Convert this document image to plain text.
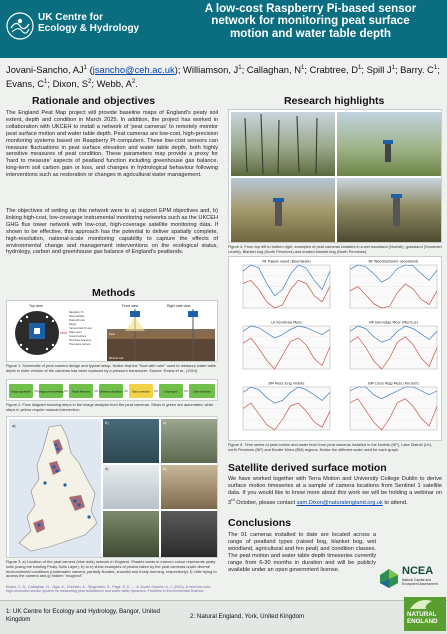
UK Centre for
Ecology & Hydrology
A low-cost Raspberry Pi-based sensor
network for monitoring peat surface
motion and water table depth
Jovani-Sancho, $AJ^1$ (jsancho@ceh.ac.uk); Williamson, $J^1$; Callaghan, $N^1$; Crabtree, $D^1$; Spill $J^1$; Barry. $C^1$;
Evans, $C^1$; Dixon, $S^2$; Webb, $A^2$.
Rationale and objectives
The England Peat Map project will provide baseline maps of England's peaty soil extent, depth and condition in March 2025. In addition, the project has worked in collaboration with UKCEH to install a network of 'peat cameras' to remotely monitor peat surface motion and water table depth. Peat cameras are low-cost, high-precision monitoring systems based on Raspberry Pi computers. These low-cost sensors can measure fluctuations in peat surface elevation and water table depth, both highly sensitive measures of peat condition. These parameters may provide a proxy for 'hard to measure' aspects of peatland function including greenhouse gas balance, long-term soil carbon gain or loss, and changes in hydrological behaviour following interventions such as restoration or changes in agricultural water management.
The objectives of setting up this network were to a) support EPM objectives and, b) linking high-cost, low-coverage instrumental monitoring networks such as the UKCEH GHG flux tower network with low-cost, high-coverage satellite monitoring data. If shown to be effective, this approach has the potential to deliver spatially complete, high-resolution, national-scale monitoring capability to capture the effects of environmental change and management interventions on the ecological status, hydrology, carbon and greenhouse gas balance of England's peatlands.
Methods
Top view
Raspberry Pi
Steel rod/tube
Float with cam
Target
Camera field of view
Water level
Ground surface
Horizontal reference
Time-lapse camera
Front view	Right side view
Peat
Mineral soil
Figure 1. Schematic of peat camera design and typical setup. Notice that the "float with ruler" used to measure water table depth in older version of the cameras has been replaced by a pressure transducer. Source: Evans et al., (2019)
Image acquisition	Image pre-processing	Target detection	Distance calculation	Data correction	Data ingest	Data download
Figure 2. Flow diagram showing steps in the image analysis from the peat cameras. Steps in green are automated, while steps in yellow require manual intervention
a)
b)	c)
d)	e)
Figure 3. a) Location of the peat camera (blue dots) network in England. Shaded areas in maroon colour represents peaty soils (using the existing Peaty Soils Layer). b) to e) show examples of photos taken by the peat cameras under diverse environmental conditions (underwater camera, partially flooded, snowfall and frosty morning, respectively). f) Little trying to access the camera and g) hidden "mugshot".
Evans, C. D., Callaghan, N., Jaya, A., Grinham, A., Sjogersten, S., Page, S. E., ... & Jovani-Sancho, A. J. (2021). A new low-cost, high-resolution sensor system for measuring peat subsidence and water table dynamics. Frontiers in Environmental Science.
Research highlights
Figure 4. From top left to bottom right, examples of peat cameras installed in a wet woodland (Norfolk), grassland (Somerset Levels), Blanket bog (North Pennines) and eroded blanket bog (North Pennines).
NF Pigeon wood (Boardwalk)	NF Woodbastwick (woodland)
LK Foulshaw Moss	NP Glenridge Moor (Moricus)
BM Moss long middle	BM Cross Rigg Moss (Ancient)
Figure 5. Time series of peat motion and water level from peat cameras installed in the Norfolk (NF), Lake District (LK), north Pennines (NP) and Border Mires (BM) regions. Notice the different scale used for each graph.
Satellite derived surface motion
We have worked together with Terra Motion and University College Dublin to derive surface motion timeseries at a sample of camera locations from Sentinel 1 satellite data. If you would like to know more about this work we will be holding a webinar on 3rd October, please contact sam.Dixon@naturalengland.org.uk to attend.
Conclusions
The 91 cameras installed to date are located across a range of peatland types (raised bog, blanket bog, wet woodland, agricultural and fen peat) and condition classes. The peat motion and water table depth timeseries currently range from 6-30 months in duration and will be publicly available under an open government license.
1: UK Centre for Ecology and Hydrology, Bangor, United Kingdom	2: Natural England, York, United Kingdom
NCEA
Natural Capital and Ecosystem Assessment
NATURAL
ENGLAND
